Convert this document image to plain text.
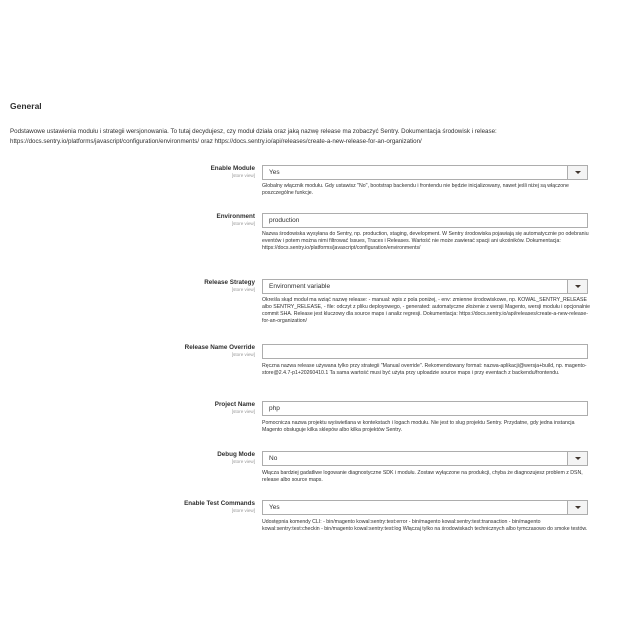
General
Podstawowe ustawienia modułu i strategii wersjonowania. To tutaj decydujesz, czy moduł działa oraz jaką nazwę release ma zobaczyć Sentry. Dokumentacja środowisk i release: https://docs.sentry.io/platforms/javascript/configuration/environments/ oraz https://docs.sentry.io/api/releases/create-a-new-release-for-an-organization/
Enable Module
[store view]	Yes
Globalny włącznik modułu. Gdy ustawisz "No", bootstrap backendu i frontendu nie będzie inicjalizowany, nawet jeśli niżej są włączone poszczególne funkcje.
Environment
[store view]	production
Nazwa środowiska wysyłana do Sentry, np. production, staging, development. W Sentry środowiska pojawiają się automatycznie po odebraniu eventów i potem można nimi filtrować Issues, Traces i Releases. Wartość nie może zawierać spacji ani ukośników. Dokumentacja: https://docs.sentry.io/platforms/javascript/configuration/environments/
Release Strategy
[store view]	Environment variable
Określa skąd moduł ma wziąć nazwę release: - manual: wpis z pola poniżej, - env: zmienne środowiskowe, np. KOWAL_SENTRY_RELEASE albo SENTRY_RELEASE, - file: odczyt z pliku deployowego, - generated: automatyczne złożenie z wersji Magento, wersji modułu i opcjonalnie commit SHA. Release jest kluczowy dla source maps i analiz regresji. Dokumentacja: https://docs.sentry.io/api/releases/create-a-new-release-for-an-organization/
Release Name Override
[store view]
Ręczna nazwa release używana tylko przy strategii "Manual override". Rekomendowany format: nazwa-aplikacji@wersja+build, np. magento-store@2.4.7-p1+20260410.1 Ta sama wartość musi być użyta przy uploadzie source maps i przy eventach z backendu/frontendu.
Project Name
[store view]	php
Pomocnicza nazwa projektu wyświetlana w kontekstach i logach modułu. Nie jest to slug projektu Sentry. Przydatne, gdy jedna instancja Magento obsługuje kilka sklepów albo kilka projektów Sentry.
Debug Mode
[store view]	No
Włącza bardziej gadatliwe logowanie diagnostyczne SDK i modułu. Zostaw wyłączone na produkcji, chyba że diagnozujesz problem z DSN, release albo source maps.
Enable Test Commands
[store view]	Yes
Udostępnia komendy CLI: - bin/magento kowal:sentry:test:error - bin/magento kowal:sentry:test:transaction - bin/magento kowal:sentry:test:checkin - bin/magento kowal:sentry:test:log Włączaj tylko na środowiskach technicznych albo tymczasowo do smoke testów.
